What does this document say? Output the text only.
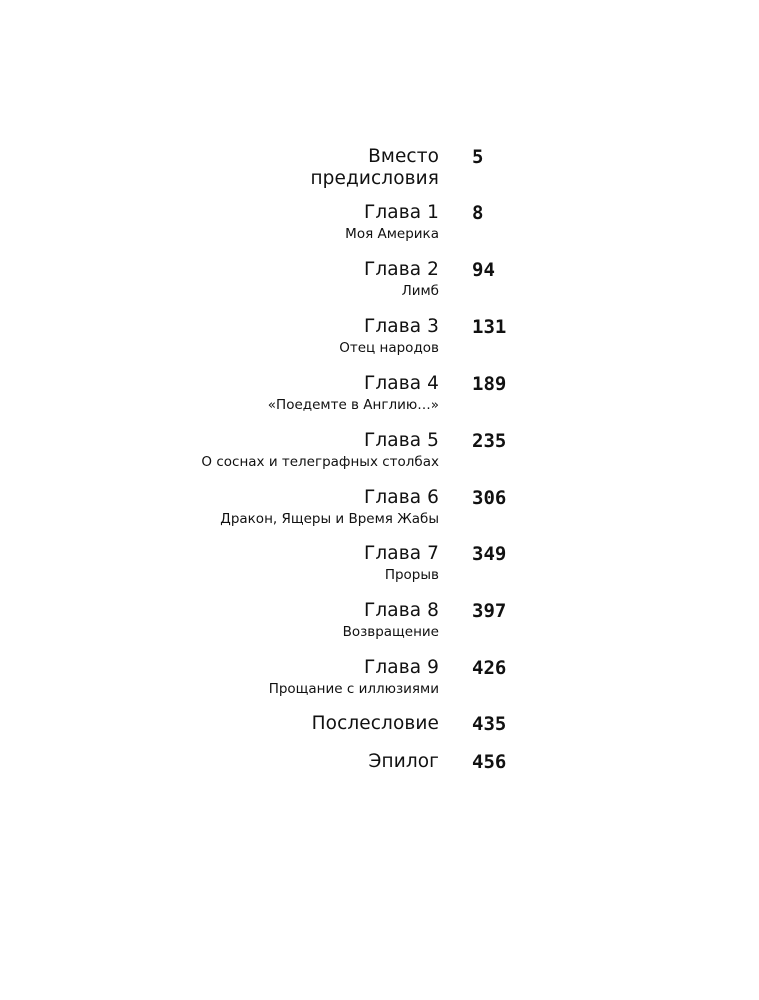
Вместо предисловия
5
Глава 1
Моя Америка
8
Глава 2
Лимб
94
Глава 3
Отец народов
131
Глава 4
«Поедемте в Англию…»
189
Глава 5
О соснах и телеграфных столбах
235
Глава 6
Дракон, Ящеры и Время Жабы
306
Глава 7
Прорыв
349
Глава 8
Возвращение
397
Глава 9
Прощание с иллюзиями
426
Послесловие 435
Эпилог 456
